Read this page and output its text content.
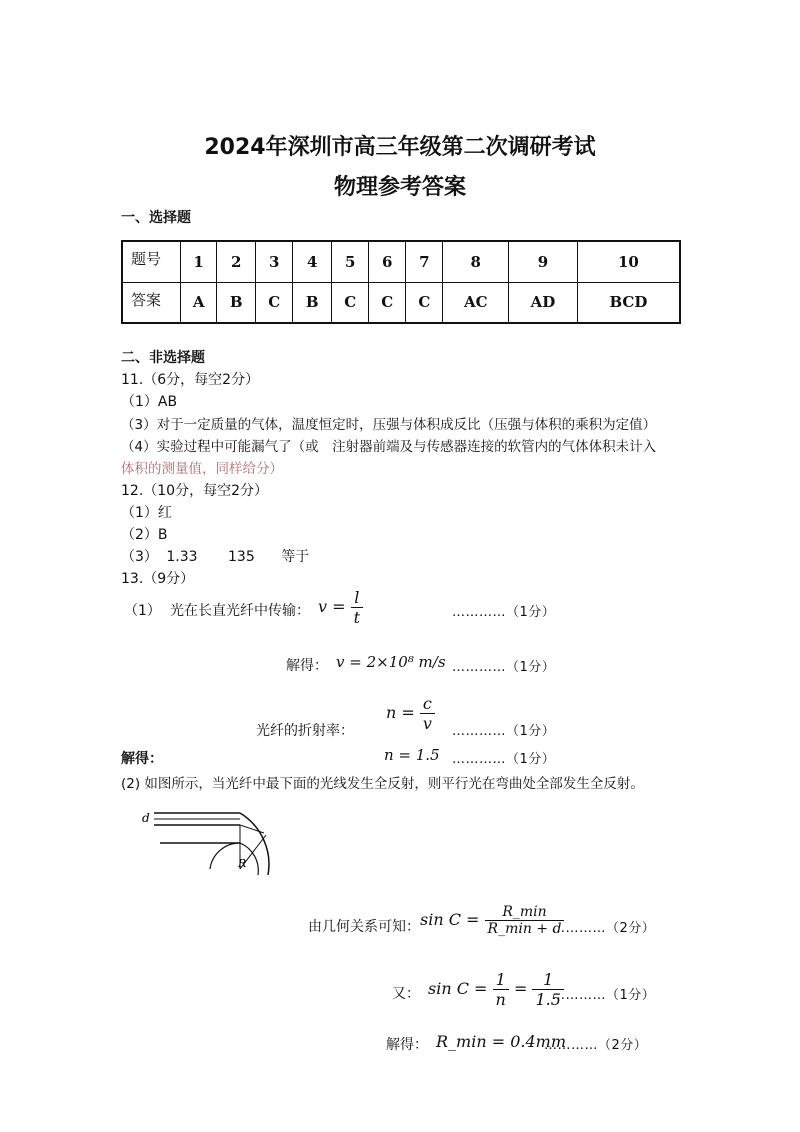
2024年深圳市高三年级第二次调研考试
物理参考答案
一、选择题
题号	1	2	3	4	5	6	7	8	9	10
答案	A	B	C	B	C	C	C	AC	AD	BCD
二、非选择题
11.（6分，每空2分）
（1）AB
（3）对于一定质量的气体，温度恒定时，压强与体积成反比（压强与体积的乘积为定值）
（4）实验过程中可能漏气了（或　注射器前端及与传感器连接的软管内的气体体积未计入
体积的测量值，同样给分）
12.（10分，每空2分）
（1）红
（2）B
（3） 1.33 135 等于
13.（9分）
（1） 光在长直光纤中传输： $v = \frac{l}{t}$	…………（1分）
解得： v = 2×10⁸ m/s …………（1分）
$n = \frac{c}{v}$
光纤的折射率：	…………（1分）
解得：	n = 1.5 …………（1分）
(2) 如图所示，当光纤中最下面的光线发生全反射，则平行光在弯曲处全部发生全反射。
d
R
由几何关系可知： $\sin C = \frac{R\_\min}{R\_\min + d}$
…………（2分）
又： $\sin C = \frac{1}{n} = \frac{1}{1.5}$
…………（1分）
解得： R_min = 0.4mm
…………（2分）
